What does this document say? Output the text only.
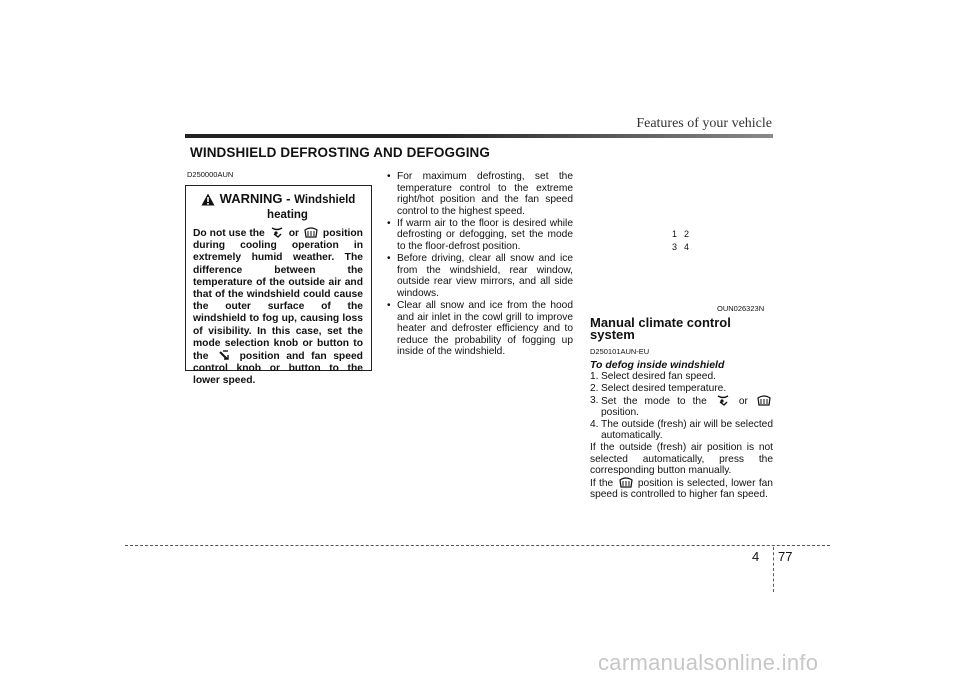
Features of your vehicle
WINDSHIELD DEFROSTING AND DEFOGGING
D250000AUN
WARNING - Windshield
heating
Do not use the or position during cooling operation in extremely humid weather. The difference between the temperature of the outside air and that of the windshield could cause the outer surface of the windshield to fog up, causing loss of visibility. In this case, set the mode selection knob or button to the	position and fan speed control knob or button to the lower speed.
• For maximum defrosting, set the temperature control to the extreme right/hot position and the fan speed control to the highest speed.
• If warm air to the floor is desired while defrosting or defogging, set the mode to the floor-defrost position.
• Before driving, clear all snow and ice from the windshield, rear window, outside rear view mirrors, and all side windows.
• Clear all snow and ice from the hood and air inlet in the cowl grill to improve heater and defroster efficiency and to reduce the probability of fogging up inside of the windshield.
1 2
3 4
OUN026323N
Manual climate control system
D250101AUN-EU
To defog inside windshield
1. Select desired fan speed.
2. Select desired temperature.
3. Set the mode to the	or  position.
4. The outside (fresh) air will be selected automatically.
If the outside (fresh) air position is not selected automatically, press the corresponding button manually.
If the position is selected, lower fan speed is controlled to higher fan speed.
4 77
carmanualsonline.info
